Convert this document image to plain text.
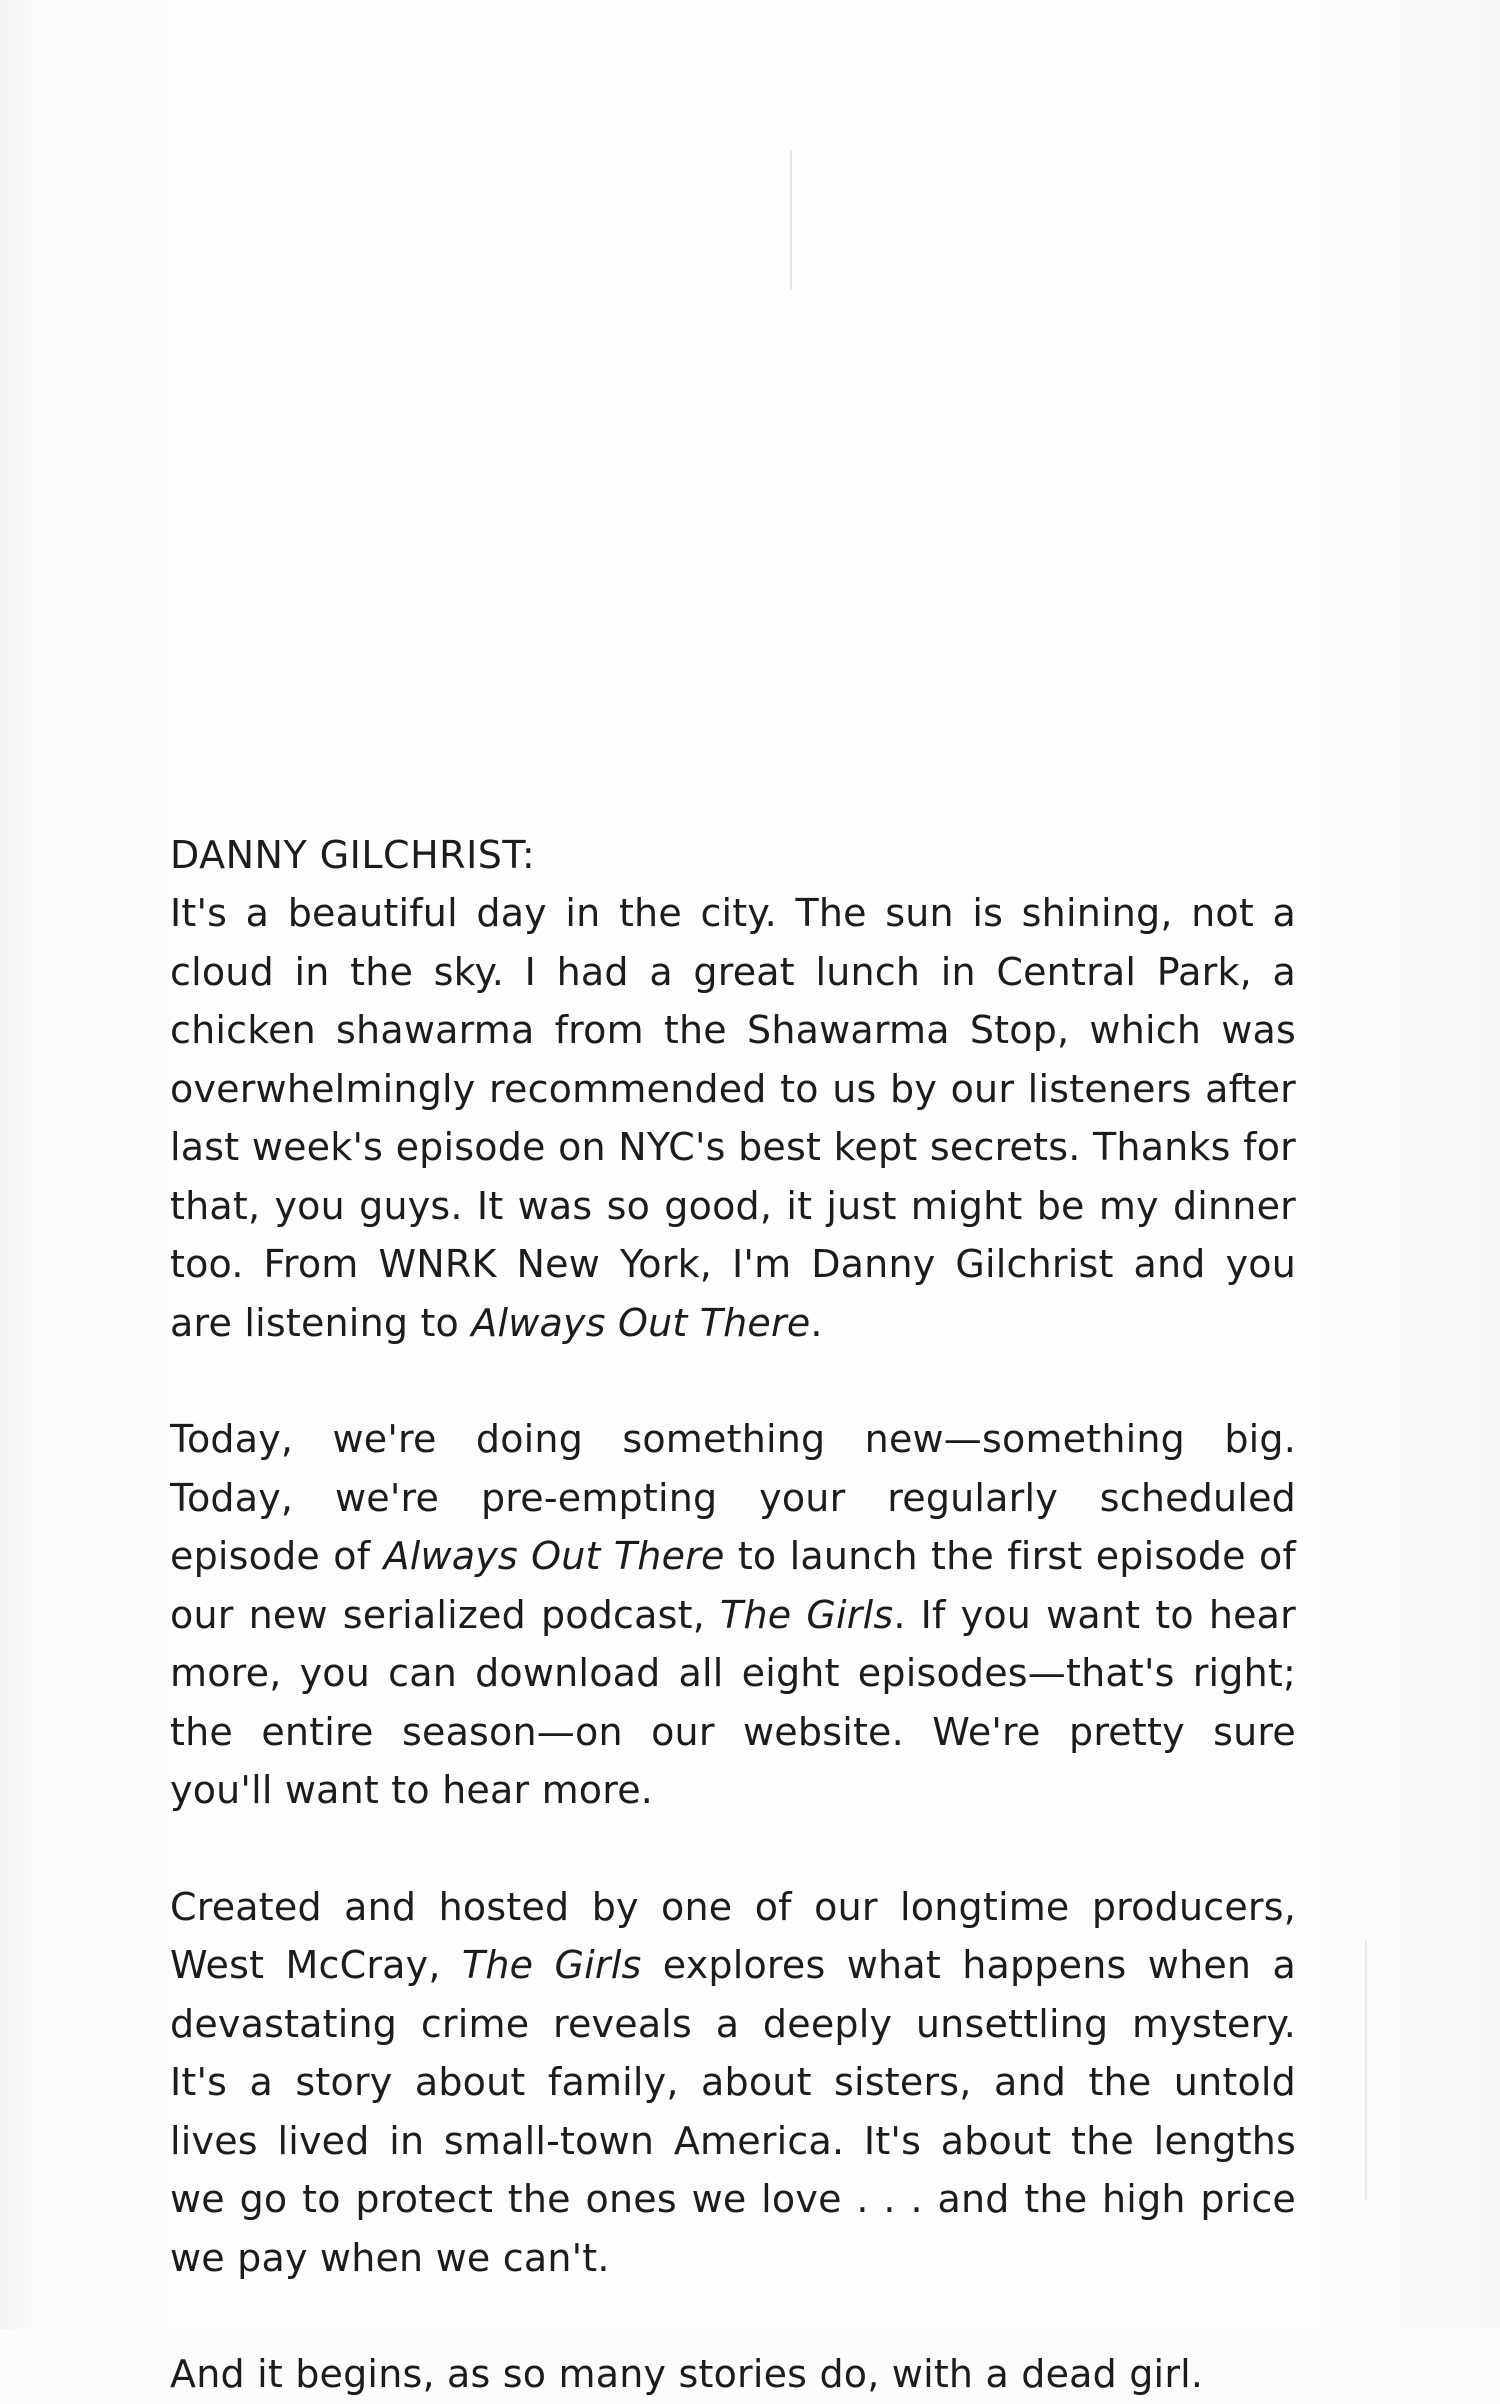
DANNY GILCHRIST:

It's a beautiful day in the city. The sun is shining, not a cloud in the sky. I had a great lunch in Central Park, a chicken shawarma from the Shawarma Stop, which was overwhelmingly recommended to us by our listeners after last week's episode on NYC's best kept secrets. Thanks for that, you guys. It was so good, it just might be my dinner too. From WNRK New York, I'm Danny Gilchrist and you are listening to Always Out There.

Today, we're doing something new—something big. Today, we're pre-empting your regularly scheduled episode of Always Out There to launch the first episode of our new serialized podcast, The Girls. If you want to hear more, you can download all eight episodes—that's right; the entire season—on our website. We're pretty sure you'll want to hear more.

Created and hosted by one of our longtime producers, West McCray, The Girls explores what happens when a devastating crime reveals a deeply unsettling mystery. It's a story about family, about sisters, and the untold lives lived in small-town America. It's about the lengths we go to protect the ones we love . . . and the high price we pay when we can't.

And it begins, as so many stories do, with a dead girl.
